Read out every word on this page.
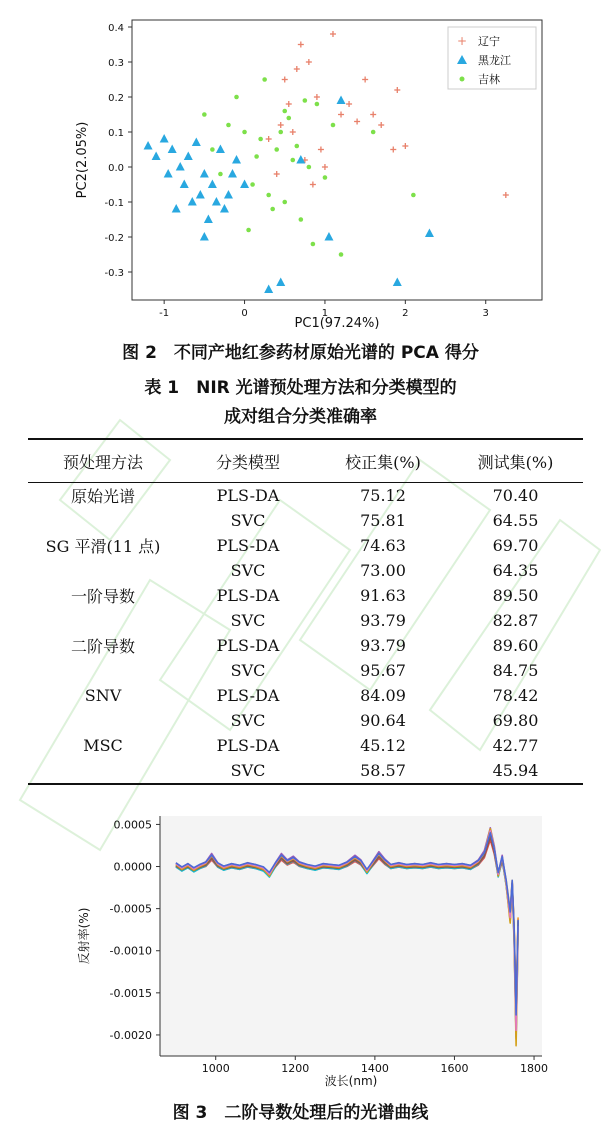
0.4
0.3
0.2
0.1
0.0
-0.1
-0.2
-0.3
-1	0	1	2	3
+ 辽宁
黑龙江
吉林
PC1(97.24%)
PC2(2.05%)
图 2　不同产地红参药材原始光谱的 PCA 得分
表 1　NIR 光谱预处理方法和分类模型的
成对组合分类准确率
预处理方法	分类模型	校正集(%)	测试集(%)
原始光谱	PLS-DA	75.12	70.40
	SVC	75.81	64.55
SG 平滑(11 点)	PLS-DA	74.63	69.70
	SVC	73.00	64.35
一阶导数	PLS-DA	91.63	89.50
	SVC	93.79	82.87
二阶导数	PLS-DA	93.79	89.60
	SVC	95.67	84.75
SNV	PLS-DA	84.09	78.42
	SVC	90.64	69.80
MSC	PLS-DA	45.12	42.77
	SVC	58.57	45.94
0.0005
0.0000
-0.0005
-0.0010
-0.0015
-0.0020
1000	1200	1400	1600	1800
波长(nm)
反射率(%)
图 3　二阶导数处理后的光谱曲线
